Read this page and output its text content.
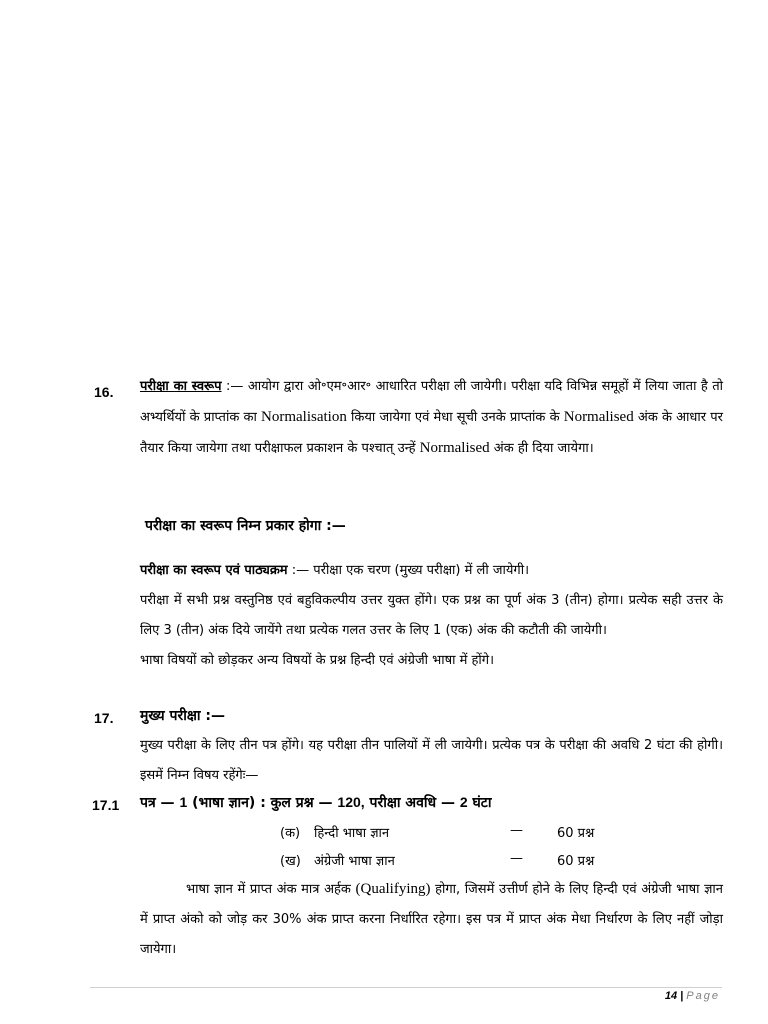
16. परीक्षा का स्वरूप :— आयोग द्वारा ओ॰एम॰आर॰ आधारित परीक्षा ली जायेगी। परीक्षा यदि विभिन्न समूहों में लिया जाता है तो अभ्यर्थियों के प्राप्तांक का Normalisation किया जायेगा एवं मेधा सूची उनके प्राप्तांक के Normalised अंक के आधार पर तैयार किया जायेगा तथा परीक्षाफल प्रकाशन के पश्चात् उन्हें Normalised अंक ही दिया जायेगा।

परीक्षा का स्वरूप निम्न प्रकार होगा :—

परीक्षा का स्वरूप एवं पाठ्यक्रम :— परीक्षा एक चरण (मुख्य परीक्षा) में ली जायेगी।

परीक्षा में सभी प्रश्न वस्तुनिष्ठ एवं बहुविकल्पीय उत्तर युक्त होंगे। एक प्रश्न का पूर्ण अंक 3 (तीन) होगा। प्रत्येक सही उत्तर के लिए 3 (तीन) अंक दिये जायेंगे तथा प्रत्येक गलत उत्तर के लिए 1 (एक) अंक की कटौती की जायेगी।

भाषा विषयों को छोड़कर अन्य विषयों के प्रश्न हिन्दी एवं अंग्रेजी भाषा में होंगे।

17. मुख्य परीक्षा :—

मुख्य परीक्षा के लिए तीन पत्र होंगे। यह परीक्षा तीन पालियों में ली जायेगी। प्रत्येक पत्र के परीक्षा की अवधि 2 घंटा की होगी। इसमें निम्न विषय रहेंगेः—

17.1 पत्र — 1 (भाषा ज्ञान) : कुल प्रश्न — 120, परीक्षा अवधि — 2 घंटा
(क) हिन्दी भाषा ज्ञान	—	60 प्रश्न
(ख) अंग्रेजी भाषा ज्ञान	—	60 प्रश्न

भाषा ज्ञान में प्राप्त अंक मात्र अर्हक (Qualifying) होगा, जिसमें उत्तीर्ण होने के लिए हिन्दी एवं अंग्रेजी भाषा ज्ञान में प्राप्त अंको को जोड़ कर 30% अंक प्राप्त करना निर्धारित रहेगा। इस पत्र में प्राप्त अंक मेधा निर्धारण के लिए नहीं जोड़ा जायेगा।

14 | Page
